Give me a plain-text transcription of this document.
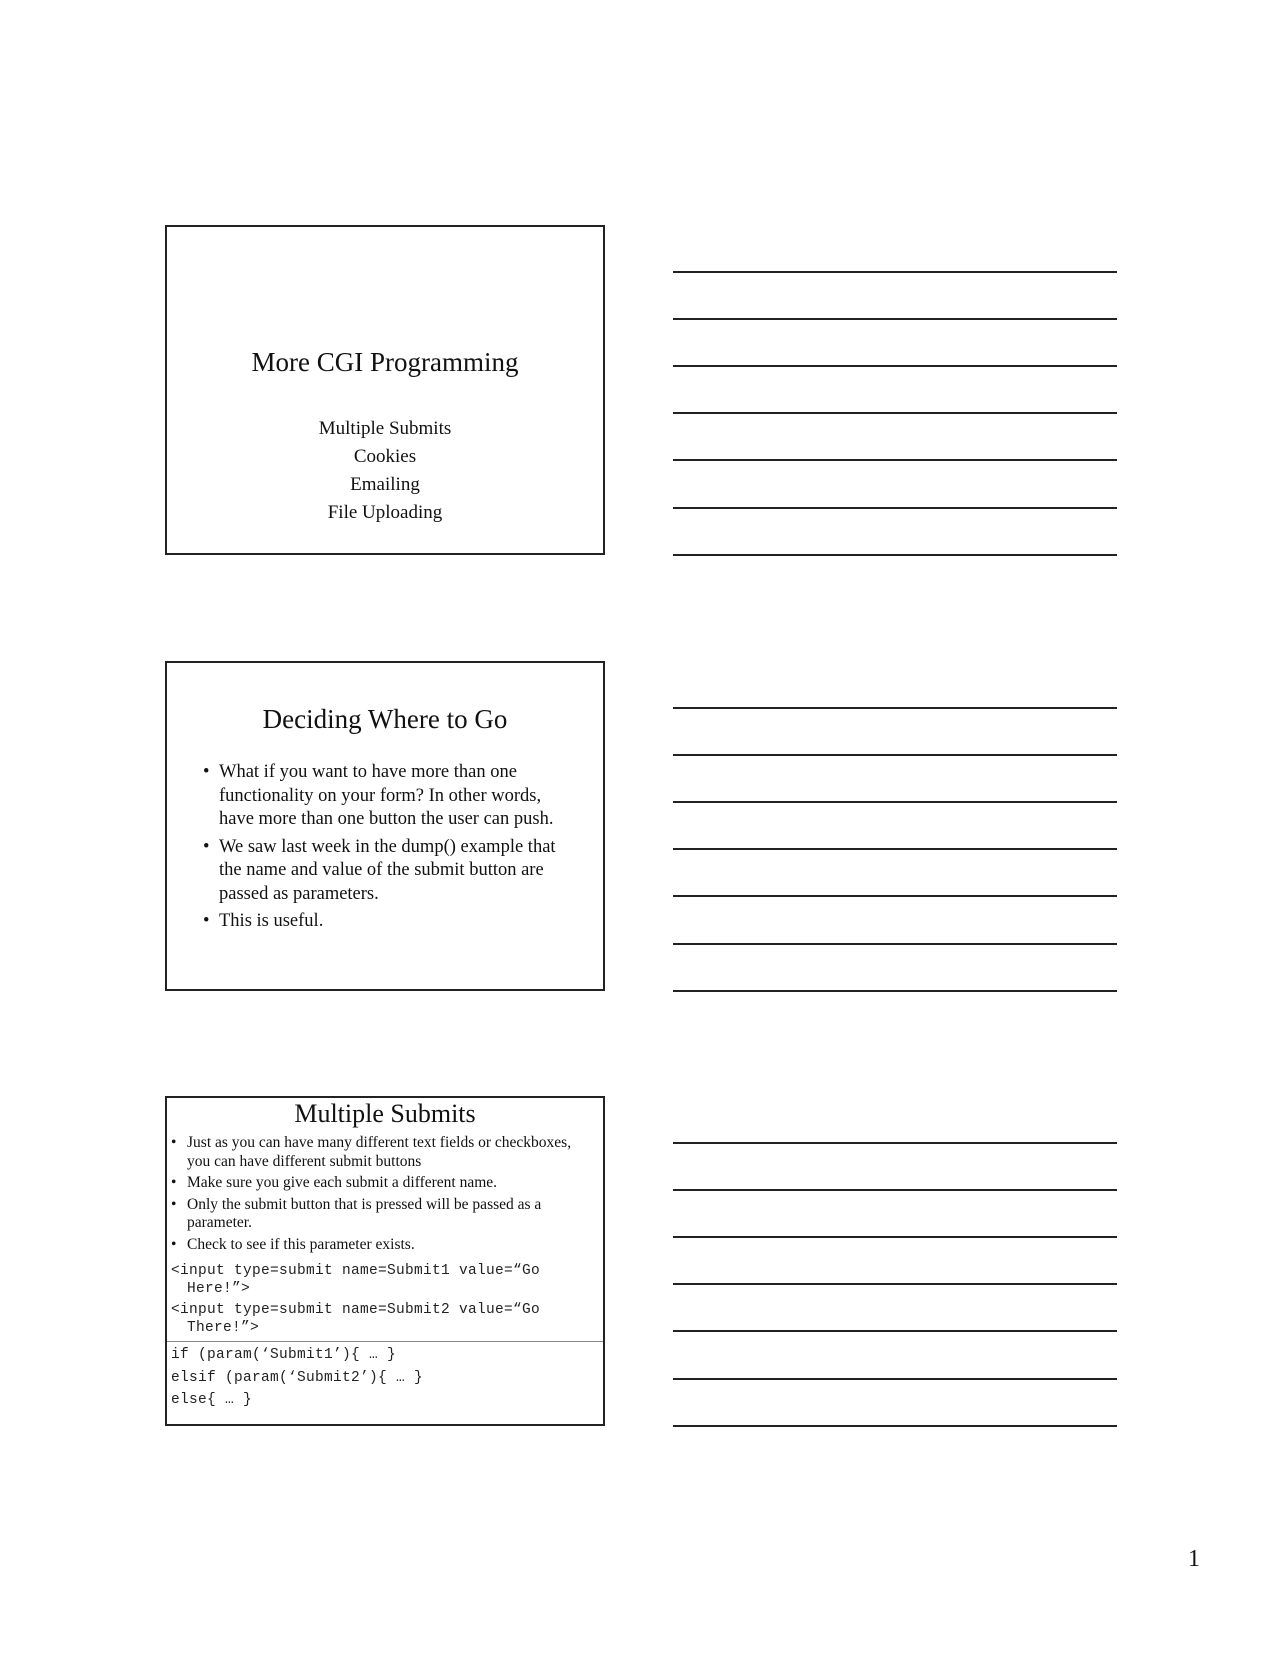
More CGI Programming
Multiple Submits
Cookies
Emailing
File Uploading
Deciding Where to Go
• What if you want to have more than one functionality on your form? In other words, have more than one button the user can push.
• We saw last week in the dump() example that the name and value of the submit button are passed as parameters.
• This is useful.
Multiple Submits
• Just as you can have many different text fields or checkboxes, you can have different submit buttons
• Make sure you give each submit a different name.
• Only the submit button that is pressed will be passed as a parameter.
• Check to see if this parameter exists.
<input type=submit name=Submit1 value=“Go Here!”>
<input type=submit name=Submit2 value=“Go There!”>
if (param(‘Submit1’){ … }
elsif (param(‘Submit2’){ … }
else{ … }
1
